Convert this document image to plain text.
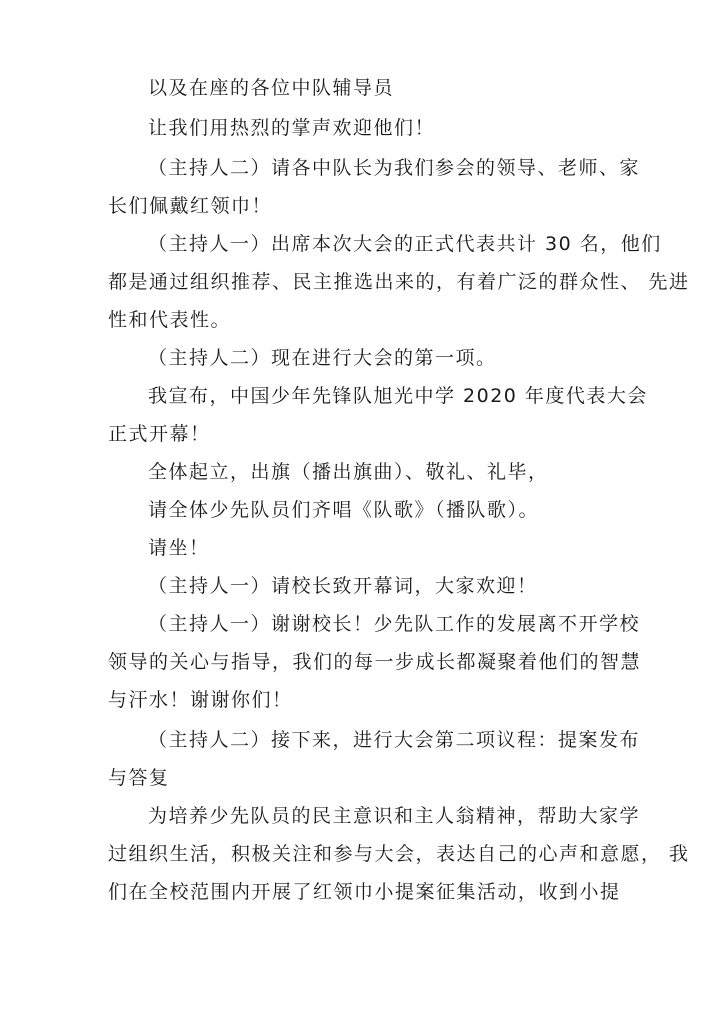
以及在座的各位中队辅导员
让我们用热烈的掌声欢迎他们！
（主持人二）请各中队长为我们参会的领导、老师、家
长们佩戴红领巾！
（主持人一）出席本次大会的正式代表共计 30 名，他们
都是通过组织推荐、民主推选出来的，有着广泛的群众性、 先进
性和代表性。
（主持人二）现在进行大会的第一项。
我宣布，中国少年先锋队旭光中学 2020 年度代表大会
正式开幕！
全体起立，出旗（播出旗曲）、敬礼、礼毕，
请全体少先队员们齐唱《队歌》（播队歌）。
请坐！
（主持人一）请校长致开幕词，大家欢迎！
（主持人一）谢谢校长！少先队工作的发展离不开学校
领导的关心与指导，我们的每一步成长都凝聚着他们的智慧
与汗水！谢谢你们！
（主持人二）接下来，进行大会第二项议程：提案发布
与答复
为培养少先队员的民主意识和主人翁精神，帮助大家学
过组织生活，积极关注和参与大会，表达自己的心声和意愿， 我
们在全校范围内开展了红领巾小提案征集活动，收到小提
